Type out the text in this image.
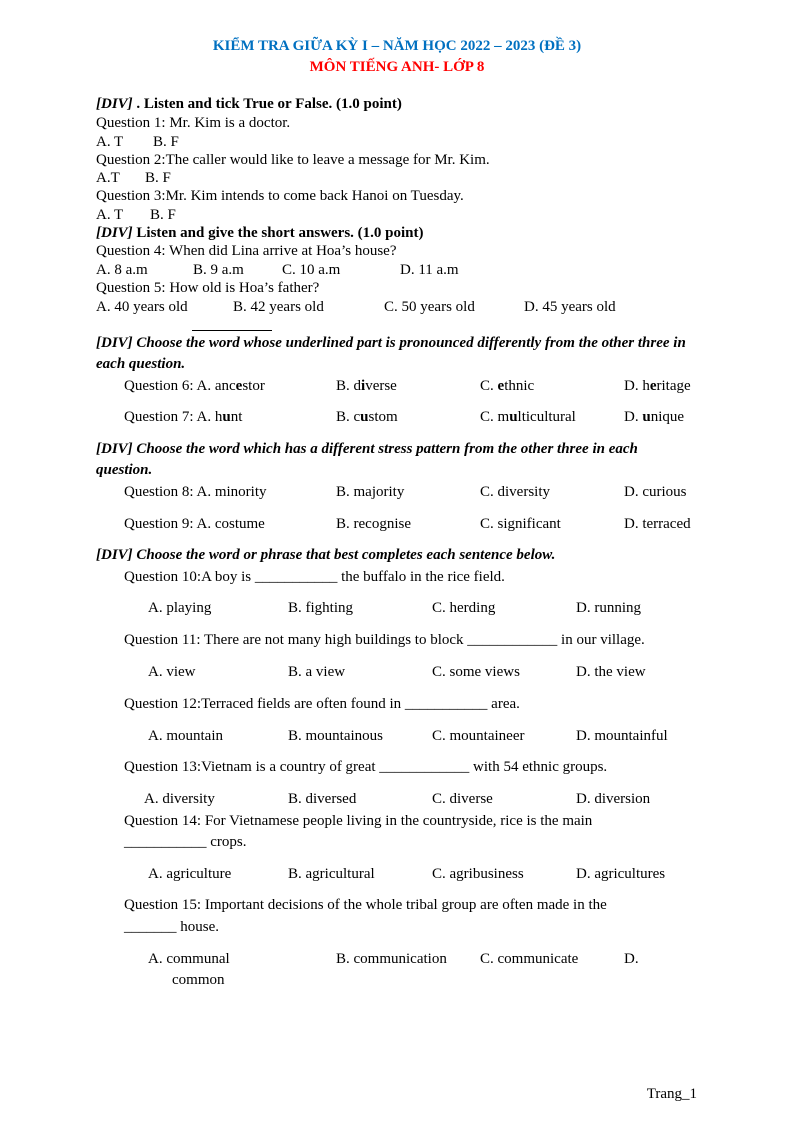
KIỂM TRA GIỮA KỲ I – NĂM HỌC 2022 – 2023 (ĐỀ 3)
MÔN TIẾNG ANH- LỚP 8
[DIV] . Listen and tick True or False. (1.0 point)
Question 1: Mr. Kim is a doctor.
A. T B. F
Question 2:The caller would like to leave a message for Mr. Kim.
A.T B. F
Question 3:Mr. Kim intends to come back Hanoi on Tuesday.
A. T B. F
[DIV] Listen and give the short answers. (1.0 point)
Question 4: When did Lina arrive at Hoa’s house?
A. 8 a.m	B. 9 a.m	C. 10 a.m	D. 11 a.m
Question 5: How old is Hoa’s father?
A. 40 years old	B. 42 years old	C. 50 years old	D. 45 years old
[DIV] Choose the word whose underlined part is pronounced differently from the other three in each question.
Question 6: A. ancestor	B. diverse	C. ethnic	D. heritage
Question 7: A. hunt	B. custom	C. multicultural	D. unique
[DIV] Choose the word which has a different stress pattern from the other three in each question.
Question 8: A. minority	B. majority	C. diversity	D. curious
Question 9: A. costume	B. recognise	C. significant	D. terraced
[DIV] Choose the word or phrase that best completes each sentence below.
Question 10:A boy is ___________ the buffalo in the rice field.
A. playing	B. fighting	C. herding	D. running
Question 11: There are not many high buildings to block ____________ in our village.
A. view	B. a view	C. some views	D. the view
Question 12:Terraced fields are often found in ___________ area.
A. mountain	B. mountainous	C. mountaineer	D. mountainful
Question 13:Vietnam is a country of great ____________ with 54 ethnic groups.
A. diversity	B. diversed	C. diverse	D. diversion
Question 14: For Vietnamese people living in the countryside, rice is the main
___________ crops.
A. agriculture	B. agricultural	C. agribusiness	D. agricultures
Question 15: Important decisions of the whole tribal group are often made in the
_______ house.
A. communal	B. communication C. communicate	D.
common
Trang_1
